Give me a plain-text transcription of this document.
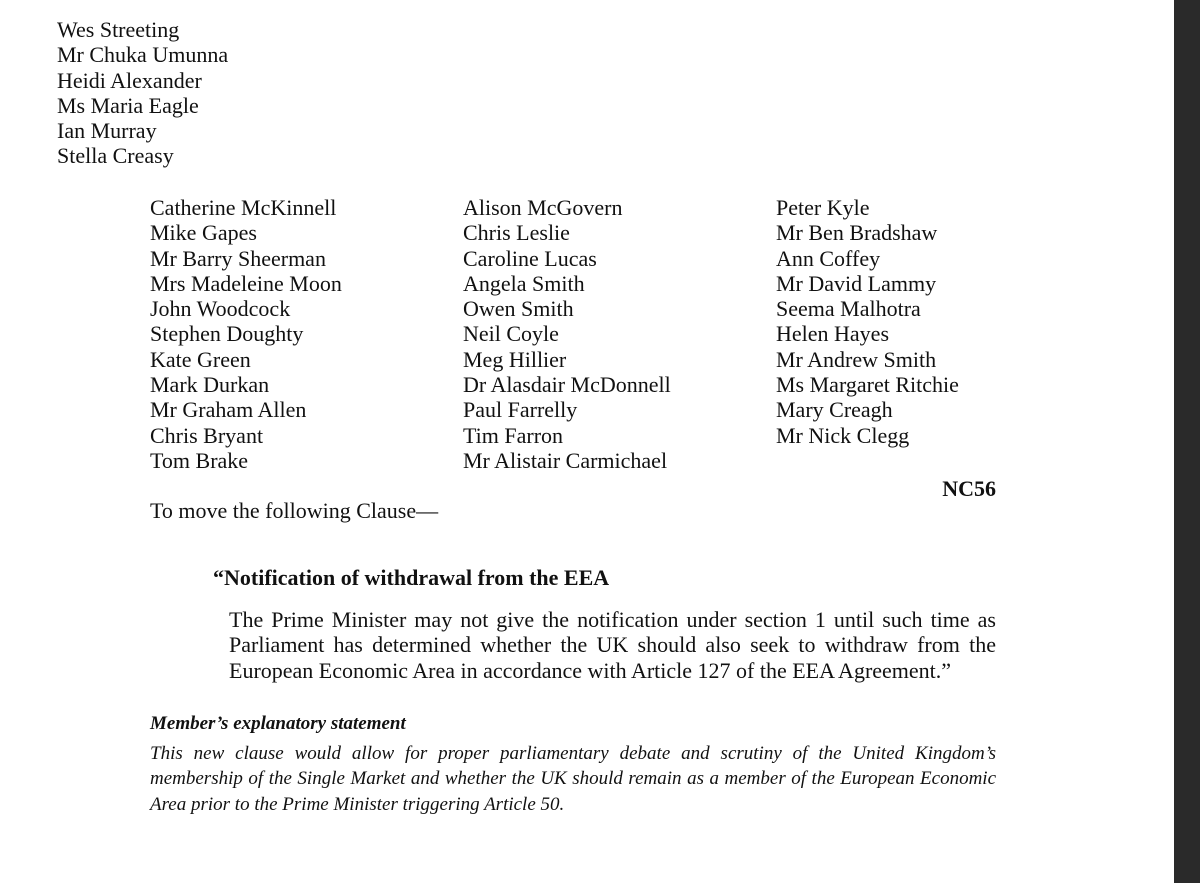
Wes Streeting
Mr Chuka Umunna
Heidi Alexander
Ms Maria Eagle
Ian Murray
Stella Creasy
Catherine McKinnell
Mike Gapes
Mr Barry Sheerman
Mrs Madeleine Moon
John Woodcock
Stephen Doughty
Kate Green
Mark Durkan
Mr Graham Allen
Chris Bryant
Tom Brake
Alison McGovern
Chris Leslie
Caroline Lucas
Angela Smith
Owen Smith
Neil Coyle
Meg Hillier
Dr Alasdair McDonnell
Paul Farrelly
Tim Farron
Mr Alistair Carmichael
Peter Kyle
Mr Ben Bradshaw
Ann Coffey
Mr David Lammy
Seema Malhotra
Helen Hayes
Mr Andrew Smith
Ms Margaret Ritchie
Mary Creagh
Mr Nick Clegg
NC56
To move the following Clause—
“Notification of withdrawal from the EEA
The Prime Minister may not give the notification under section 1 until such time as Parliament has determined whether the UK should also seek to withdraw from the European Economic Area in accordance with Article 127 of the EEA Agreement.”
Member’s explanatory statement
This new clause would allow for proper parliamentary debate and scrutiny of the United Kingdom’s membership of the Single Market and whether the UK should remain as a member of the European Economic Area prior to the Prime Minister triggering Article 50.
